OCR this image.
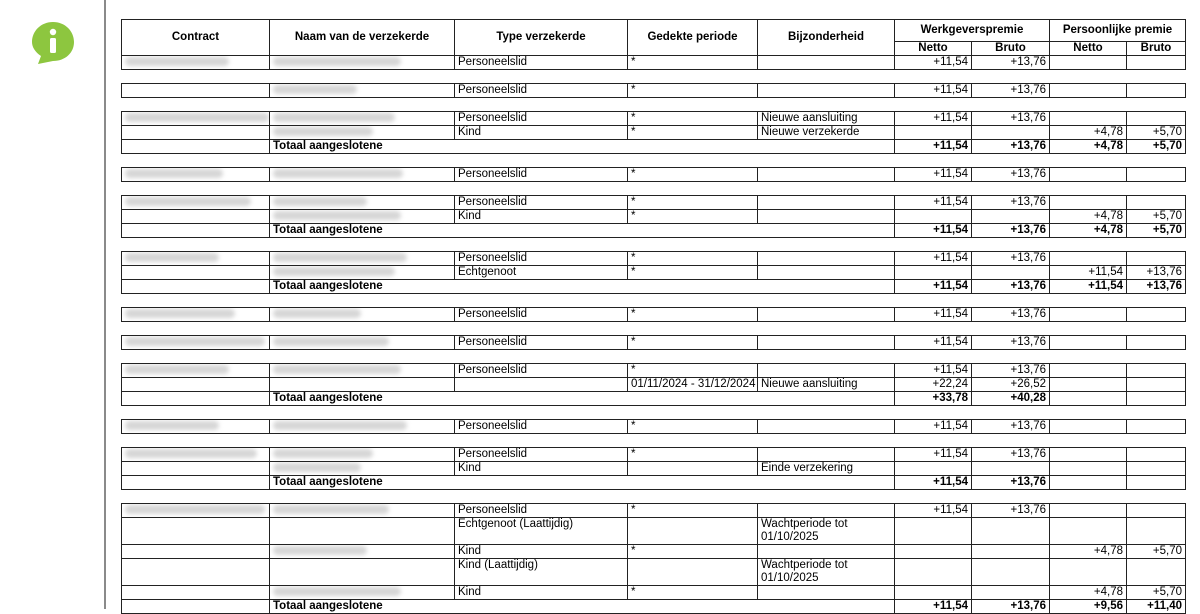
Contract	Naam van de verzekerde	Type verzekerde	Gedekte periode	Bijzonderheid	Werkgeverspremie		Persoonlijke premie	
					Netto	Bruto	Netto	Bruto
		Personeelslid	*		+11,54	+13,76		

		Personeelslid	*		+11,54	+13,76		

		Personeelslid	*	Nieuwe aansluiting	+11,54	+13,76		
		Kind	*	Nieuwe verzekerde			+4,78	+5,70
	Totaal aangeslotene				+11,54	+13,76	+4,78	+5,70

		Personeelslid	*		+11,54	+13,76		

		Personeelslid	*		+11,54	+13,76		
		Kind	*				+4,78	+5,70
	Totaal aangeslotene				+11,54	+13,76	+4,78	+5,70

		Personeelslid	*		+11,54	+13,76		
		Echtgenoot	*				+11,54	+13,76
	Totaal aangeslotene				+11,54	+13,76	+11,54	+13,76

		Personeelslid	*		+11,54	+13,76		

		Personeelslid	*		+11,54	+13,76		

		Personeelslid	*		+11,54	+13,76		
			01/11/2024 - 31/12/2024	Nieuwe aansluiting	+22,24	+26,52		
	Totaal aangeslotene				+33,78	+40,28		

		Personeelslid	*		+11,54	+13,76		

		Personeelslid	*		+11,54	+13,76		
		Kind		Einde verzekering				
	Totaal aangeslotene				+11,54	+13,76		

		Personeelslid	*		+11,54	+13,76		
		Echtgenoot (Laattijdig)		Wachtperiode tot 01/10/2025				
		Kind	*				+4,78	+5,70
		Kind (Laattijdig)		Wachtperiode tot 01/10/2025				
		Kind	*				+4,78	+5,70
	Totaal aangeslotene				+11,54	+13,76	+9,56	+11,40
